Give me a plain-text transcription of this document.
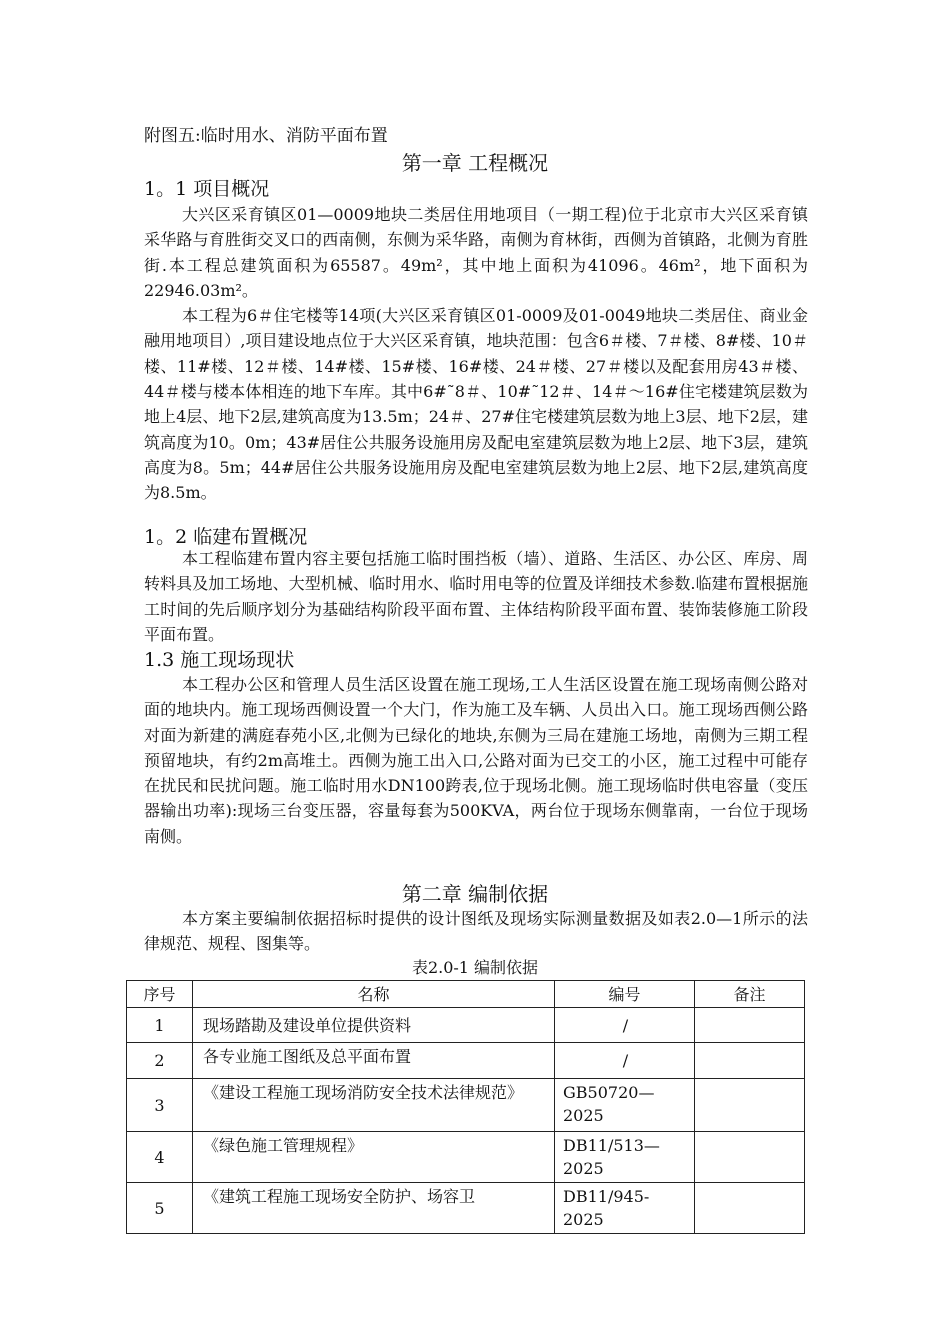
附图五:临时用水、消防平面布置
第一章 工程概况
1。1 项目概况

大兴区采育镇区01—0009地块二类居住用地项目（一期工程)位于北京市大兴区采育镇采华路与育胜街交叉口的西南侧，东侧为采华路，南侧为育林街，西侧为首镇路，北侧为育胜街.本工程总建筑面积为65587。49m²，其中地上面积为41096。46m²，地下面积为22946.03m²。

本工程为6＃住宅楼等14项(大兴区采育镇区01-0009及01-0049地块二类居住、商业金融用地项目）,项目建设地点位于大兴区采育镇，地块范围：包含6＃楼、7＃楼、8#楼、10＃楼、11#楼、12＃楼、14#楼、15#楼、16#楼、24＃楼、27＃楼以及配套用房43＃楼、44＃楼与楼本体相连的地下车库。其中6#˜8＃、10#˜12＃、14＃～16#住宅楼建筑层数为地上4层、地下2层,建筑高度为13.5m；24＃、27#住宅楼建筑层数为地上3层、地下2层，建筑高度为10。0m；43#居住公共服务设施用房及配电室建筑层数为地上2层、地下3层，建筑高度为8。5m；44#居住公共服务设施用房及配电室建筑层数为地上2层、地下2层,建筑高度为8.5m。

1。2 临建布置概况

本工程临建布置内容主要包括施工临时围挡板（墙）、道路、生活区、办公区、库房、周转料具及加工场地、大型机械、临时用水、临时用电等的位置及详细技术参数.临建布置根据施工时间的先后顺序划分为基础结构阶段平面布置、主体结构阶段平面布置、装饰装修施工阶段平面布置。

1.3 施工现场现状

本工程办公区和管理人员生活区设置在施工现场,工人生活区设置在施工现场南侧公路对面的地块内。施工现场西侧设置一个大门，作为施工及车辆、人员出入口。施工现场西侧公路对面为新建的满庭春苑小区,北侧为已绿化的地块,东侧为三局在建施工场地，南侧为三期工程预留地块，有约2m高堆土。西侧为施工出入口,公路对面为已交工的小区，施工过程中可能存在扰民和民扰问题。施工临时用水DN100跨表,位于现场北侧。施工现场临时供电容量（变压器输出功率):现场三台变压器，容量每套为500KVA，两台位于现场东侧靠南，一台位于现场南侧。

第二章 编制依据

本方案主要编制依据招标时提供的设计图纸及现场实际测量数据及如表2.0—1所示的法律规范、规程、图集等。

表2.0-1 编制依据
序号	名称	编号	备注
1	现场踏勘及建设单位提供资料	/	
2	各专业施工图纸及总平面布置	/	
3	《建设工程施工现场消防安全技术法律规范》	GB50720—2025	
4	《绿色施工管理规程》	DB11/513—2025	

5	《建筑工程施工现场安全防护、场容卫	DB11/945-2025	
